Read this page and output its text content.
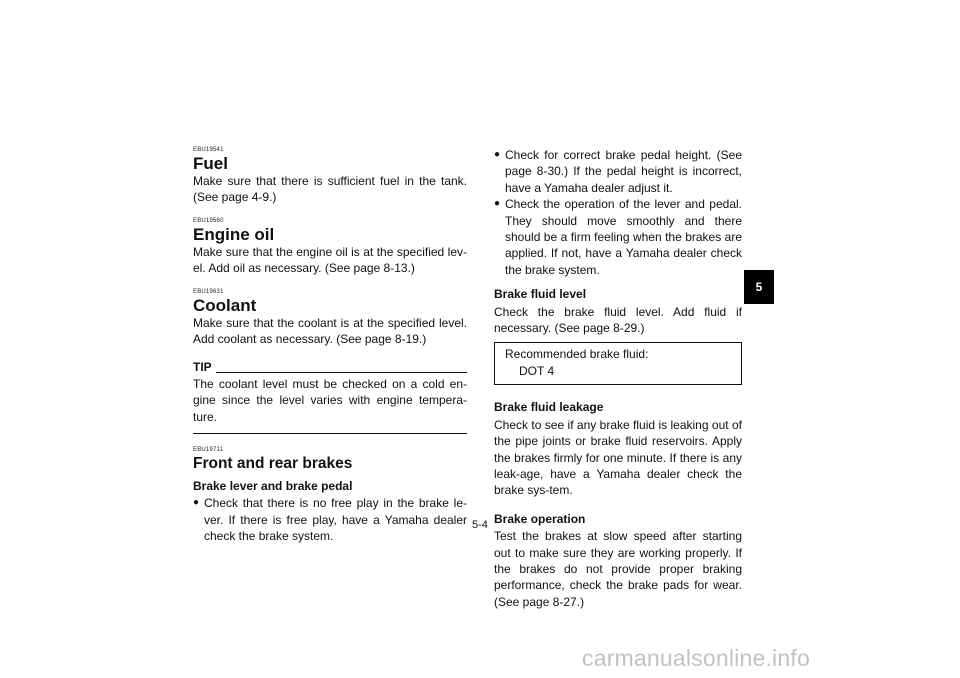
EBU19541
Fuel

Make sure that there is sufficient fuel in the tank. (See page 4-9.)

EBU19560
Engine oil

Make sure that the engine oil is at the specified lev-el. Add oil as necessary. (See page 8-13.)

EBU19631
Coolant

Make sure that the coolant is at the specified level. Add coolant as necessary. (See page 8-19.)

TIP

The coolant level must be checked on a cold en-gine since the level varies with engine tempera-ture.

EBU19711
Front and rear brakes
Brake lever and brake pedal
● Check that there is no free play in the brake le-ver. If there is free play, have a Yamaha dealer check the brake system.

● Check for correct brake pedal height. (See page 8-30.) If the pedal height is incorrect, have a Yamaha dealer adjust it.

● Check the operation of the lever and pedal. They should move smoothly and there should be a firm feeling when the brakes are applied. If not, have a Yamaha dealer check the brake system.

Brake fluid level

Check the brake fluid level. Add fluid if necessary. (See page 8-29.)

Recommended brake fluid:
DOT 4
Brake fluid leakage

Check to see if any brake fluid is leaking out of the pipe joints or brake fluid reservoirs. Apply the brakes firmly for one minute. If there is any leak-age, have a Yamaha dealer check the brake sys-tem.

Brake operation

Test the brakes at slow speed after starting out to make sure they are working properly. If the brakes do not provide proper braking performance, check the brake pads for wear. (See page 8-27.)

5-4
5
carmanualsonline.info
